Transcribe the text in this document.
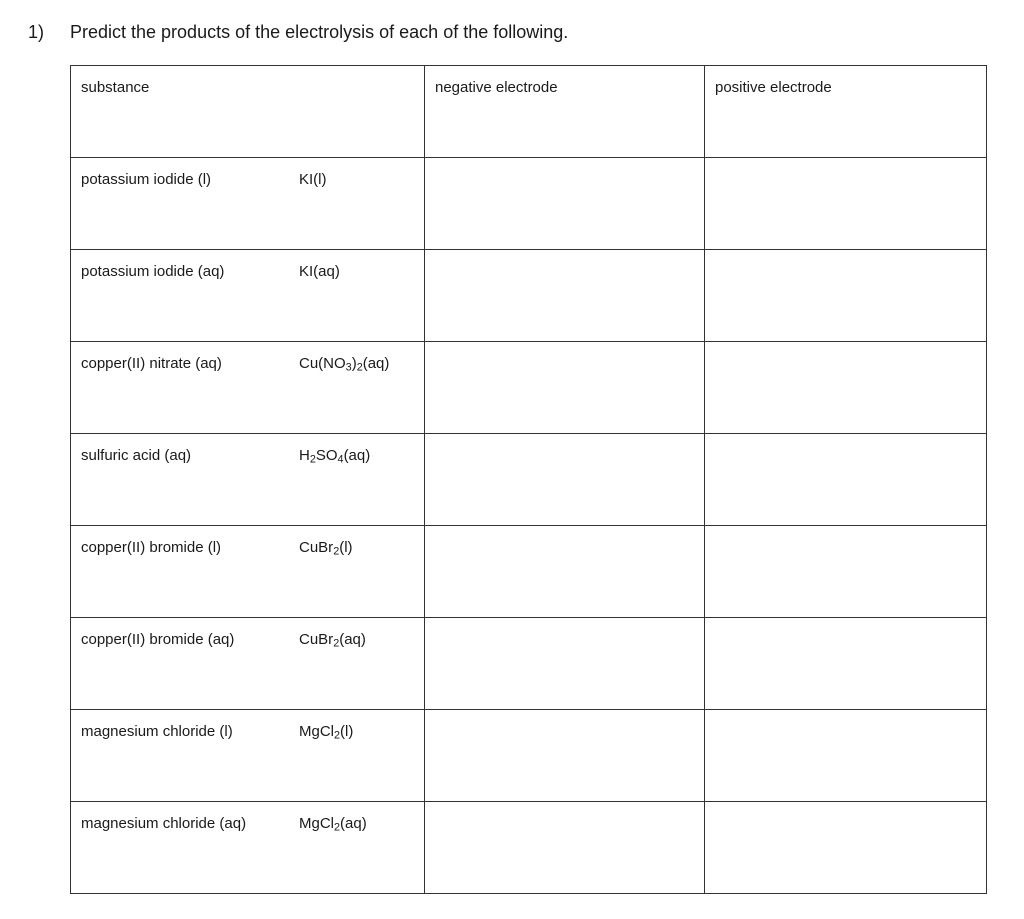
1)	Predict the products of the electrolysis of each of the following.
substance	negative electrode	positive electrode

potassium iodide (l) KI(l)		

potassium iodide (aq) KI(aq)		

copper(II) nitrate (aq) $Cu(NO_3)_2(aq)$		

sulfuric acid (aq) $H_2SO_4(aq)$		

copper(II) bromide (l) CuBr$_2$(l)		

copper(II) bromide (aq) CuBr$_2$(aq)		

magnesium chloride (l) MgCl$_2$(l)		

magnesium chloride (aq) MgCl$_2$(aq)		
